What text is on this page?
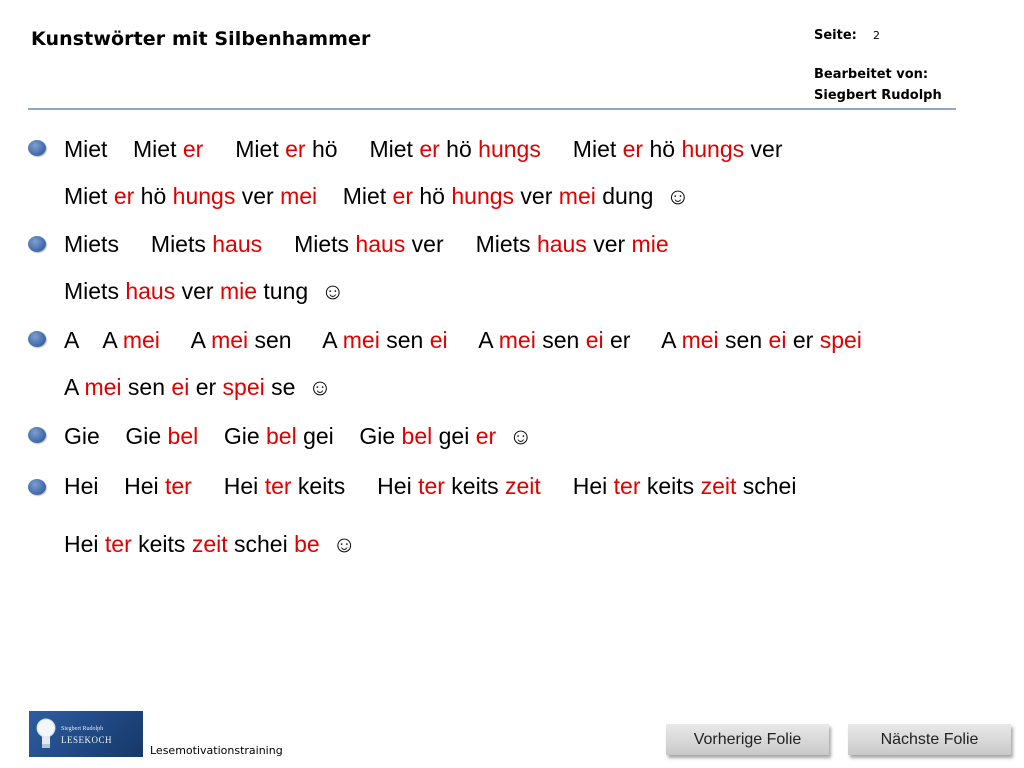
Kunstwörter mit Silbenhammer	Seite: 2
Bearbeitet von:
Siegbert Rudolph
Miet Miet er Miet er hö Miet er hö hungs Miet er hö hungs ver
Miet er hö hungs ver mei Miet er hö hungs ver mei dung  ☺
Miets Miets haus Miets haus ver Miets haus ver mie
Miets haus ver mie tung  ☺
A A mei A mei sen A mei sen ei A mei sen ei er A mei sen ei er spei
A mei sen ei er spei se  ☺
Gie Gie bel Gie bel gei Gie bel gei er  ☺
Hei Hei ter Hei ter keits Hei ter keits zeit Hei ter keits zeit schei
Hei ter keits zeit schei be  ☺
Siegbert Rudolph
LESEKOCH
Lesemotivationstraining
Vorherige Folie	Nächste Folie
